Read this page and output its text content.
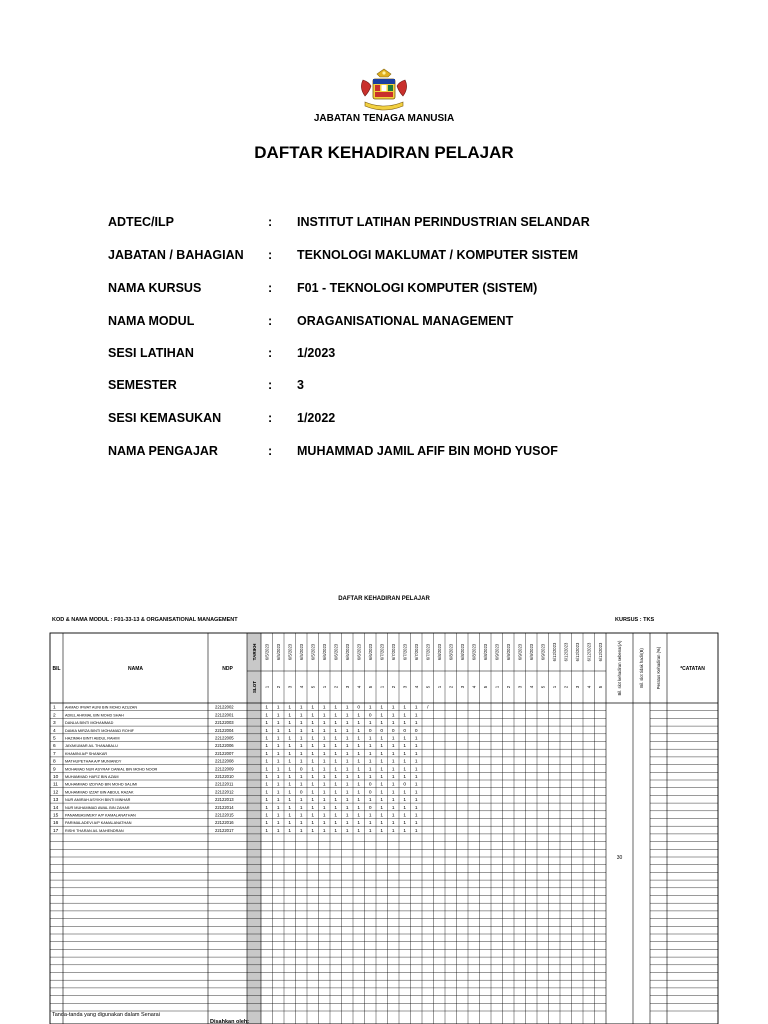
JABATAN TENAGA MANUSIA
DAFTAR KEHADIRAN PELAJAR
ADTEC/ILP	: INSTITUT LATIHAN PERINDUSTRIAN SELANDAR
JABATAN / BAHAGIAN : TEKNOLOGI MAKLUMAT / KOMPUTER SISTEM
NAMA KURSUS	: F01 - TEKNOLOGI KOMPUTER (SISTEM)
NAMA MODUL	: ORAGANISATIONAL MANAGEMENT
SESI LATIHAN	: 1/2023
SEMESTER	: 3
SESI KEMASUKAN	: 1/2022
NAMA PENGAJAR	: MUHAMMAD JAMIL AFIF BIN MOHD YUSOF
DAFTAR KEHADIRAN PELAJAR
KOD & NAMA MODUL : F01-33-13 & ORGANISATIONAL MANAGEMENT	KURSUS : TKS
BIL	NAMA	NDP
TARIKH
SLOT
6/5/2023 6/5/2023 6/5/2023 6/5/2023 6/5/2023 6/6/2023 6/6/2023 6/6/2023 6/6/2023 6/6/2023 6/7/2023 6/7/2023 6/7/2023 6/7/2023 6/7/2023 6/8/2023 6/8/2023 6/8/2023 6/8/2023 6/8/2023 6/9/2023 6/9/2023 6/9/2023 6/9/2023 6/9/2023 6/12/2023 6/12/2023 6/12/2023 6/12/2023 6/12/2023
1 2 3 4 5 1 2 3 4 5 1 2 3 4 5 1 2 3 4 5 1 2 3 4 5 1 2 3 4 5	Bil. slot kehadiran sebenar(A)	Bil. slot tidak hadir(B)	Peratus Kehadiran (%)	*CATATAN
1 AHMAD IFWAT AUNI BIN MOHD AZUZAN	22122002	1 1 1 1 1 1 1 1 0 1 1 1 1 1 /
2 ADIEL AHKMAL BIN MOHD SHAH	22122001	1 1 1 1 1 1 1 1 1 0 1 1 1 1
3 DANLIA BINTI MOHAMMAD	22122003	1 1 1 1 1 1 1 1 1 1 1 1 1 1
4 DAMIA MIRZA BINTI MOHAMAD ROHIF	22122004	1 1 1 1 1 1 1 1 1 0 0 0 0 0
5 HAZIMAH BINTI ABDUL RAHIM	22122005	1 1 1 1 1 1 1 1 1 1 1 1 1 1
6 JAYAKUMAR A/L THANABALU	22122006	1 1 1 1 1 1 1 1 1 1 1 1 1 1
7 KHAMINI A/P SHANKAR	22122007	1 1 1 1 1 1 1 1 1 1 1 1 1 1
8 MATHUPETHAA A/P MUNIANDY	22122008	1 1 1 1 1 1 1 1 1 1 1 1 1 1
9 MOHAMAD NUR ASYRAF DANIAL BIN MOHD NOOR	22122009	1 1 1 0 1 1 1 1 1 1 1 1 1 1
10 MUHAMMAD HAFIZ BIN AZAM	22122010	1 1 1 1 1 1 1 1 1 1 1 1 1 1
11 MUHAMMAD IZDIYAD BIN MOHD SALIMI	22122011	1 1 1 1 1 1 1 1 1 0 1 1 0 1
12 MUHAMMAD IZZAT BIN ABDUL RAZAK	22122012	1 1 1 0 1 1 1 1 1 0 1 1 1 1
13 NUR AMIRAH ASYIKH BINTI MINHAR	22122013	1 1 1 1 1 1 1 1 1 1 1 1 1 1
14 NUR MUHAMMAD AWAL BIN ZAHAR	22122014	1 1 1 1 1 1 1 1 1 0 1 1 1 1
15 PANAMBASWERY A/P KAMALANATHAN	22122015	1 1 1 1 1 1 1 1 1 1 1 1 1 1
16 PARIMALADEVI A/P KAMALANATHAN	22122016	1 1 1 1 1 1 1 1 1 1 1 1 1 1
17 RISHI THARAN A/L MAHENDRAN	22122017	1 1 1 1 1 1 1 1 1 1 1 1 1 1
30
Tanda-tanda yang digunakan dalam Senarai
Disahkan oleh:
